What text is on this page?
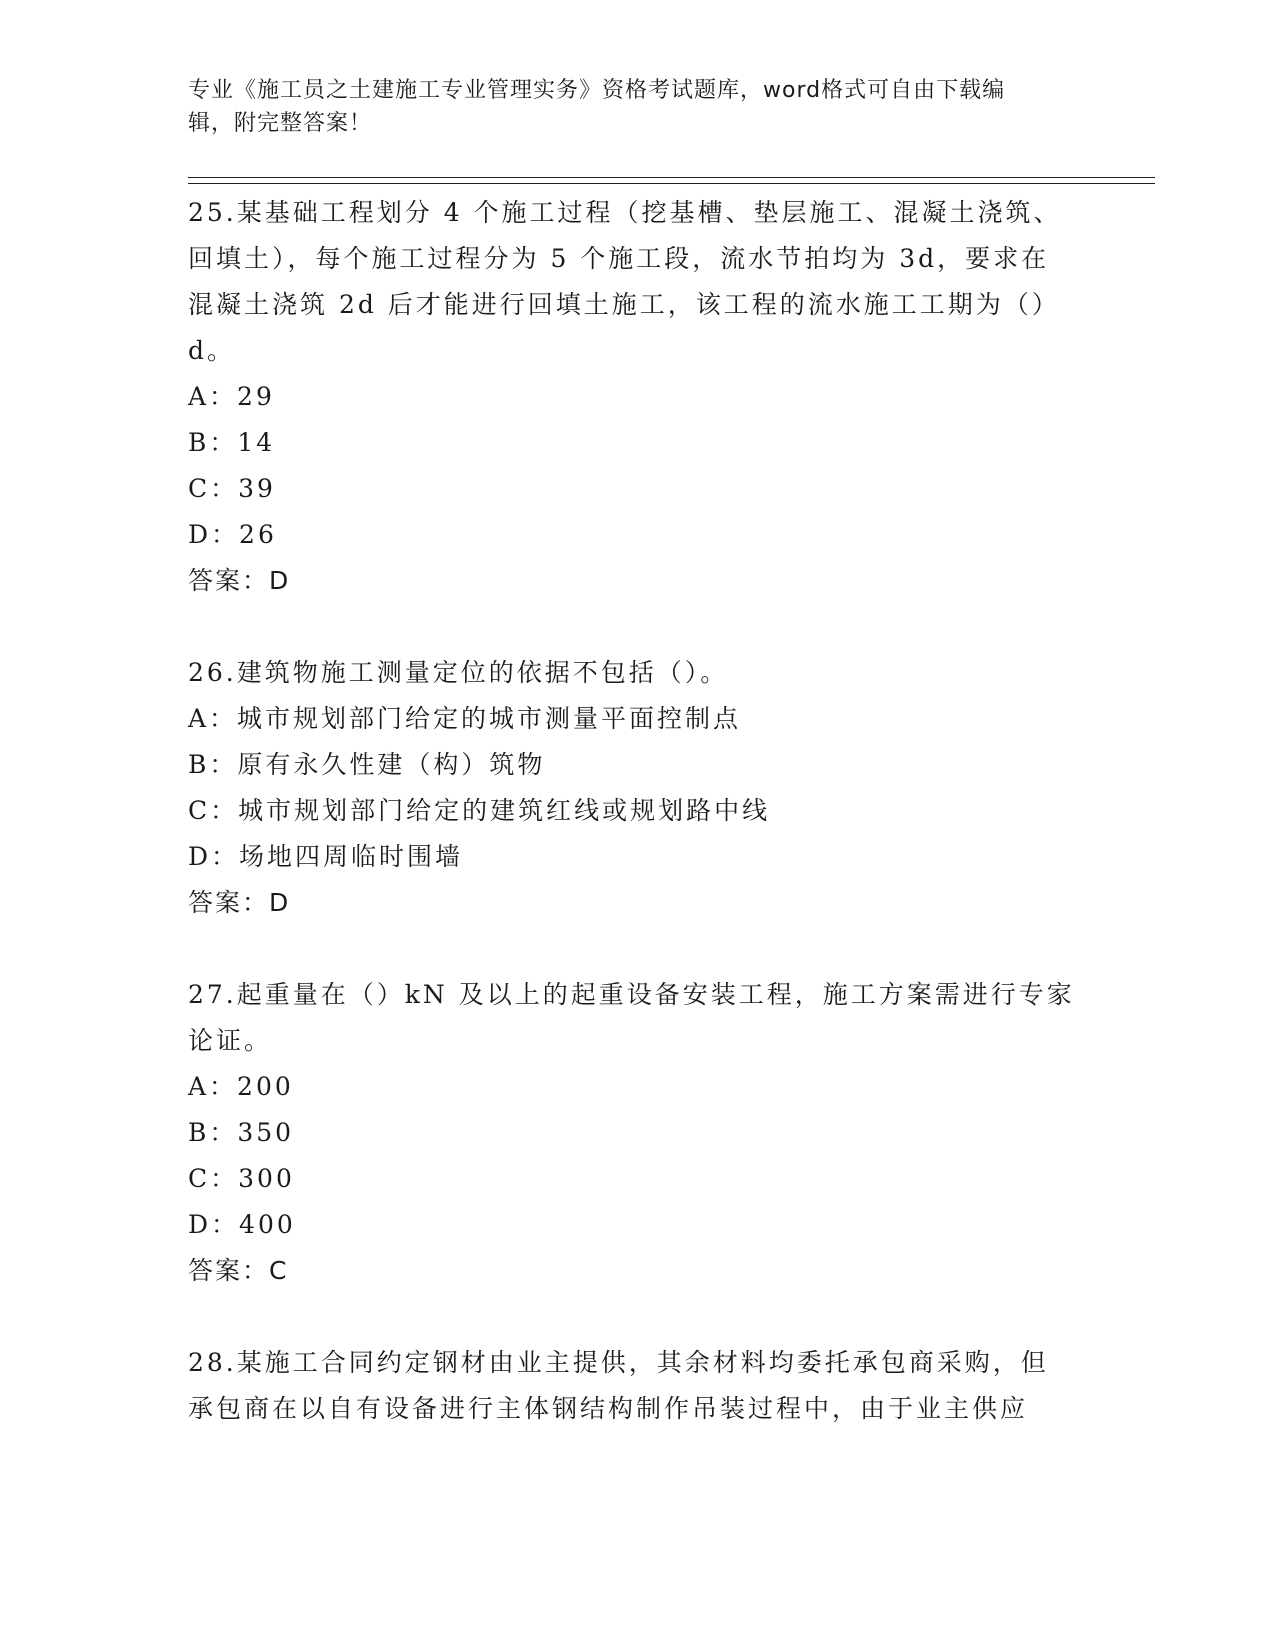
专业《施工员之土建施工专业管理实务》资格考试题库，word格式可自由下载编
辑，附完整答案！
25.某基础工程划分 4 个施工过程（挖基槽、垫层施工、混凝土浇筑、
回填土），每个施工过程分为 5 个施工段，流水节拍均为 3d，要求在
混凝土浇筑 2d 后才能进行回填土施工，该工程的流水施工工期为（）
d。
A：29
B：14
C：39
D：26
答案：D
26.建筑物施工测量定位的依据不包括（）。
A：城市规划部门给定的城市测量平面控制点
B：原有永久性建（构）筑物
C：城市规划部门给定的建筑红线或规划路中线
D：场地四周临时围墙
答案：D
27.起重量在（）kN 及以上的起重设备安装工程，施工方案需进行专家
论证。
A：200
B：350
C：300
D：400
答案：C
28.某施工合同约定钢材由业主提供，其余材料均委托承包商采购，但
承包商在以自有设备进行主体钢结构制作吊装过程中，由于业主供应
